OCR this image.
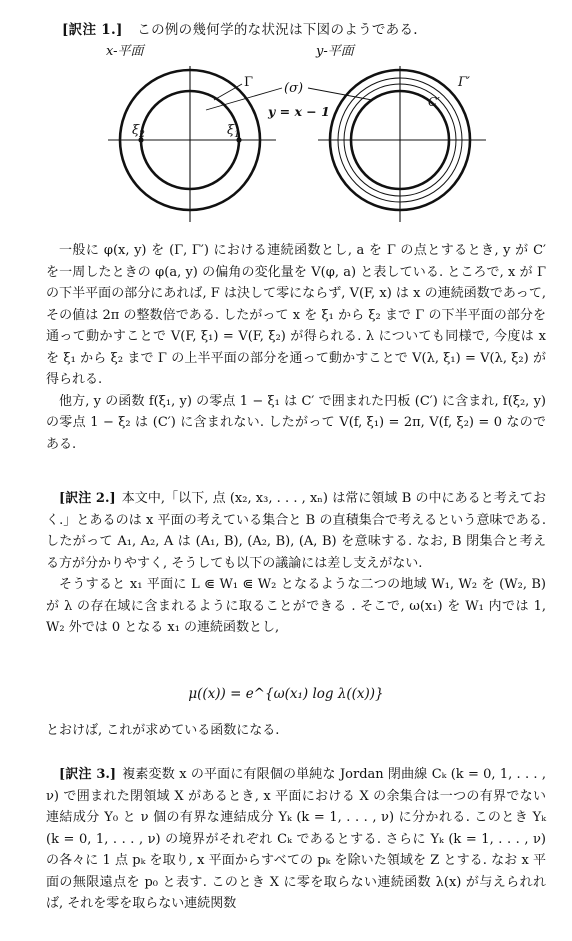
[訳注 1.] この例の幾何学的な状況は下図のようである.
x-平面
$\xi_2$	$\xi_1$
Γ (σ)
y = x − 1
y-平面
Γ′
C′

一般に φ(x, y) を (Γ, Γ′) における連続函数とし, a を Γ の点とするとき, y が C′ を一周したときの φ(a, y) の偏角の変化量を V(φ, a) と表している. ところで, x が Γ の下半平面の部分にあれば, F は決して零にならず, V(F, x) は x の連続函数であって, その値は 2π の整数倍である. したがって x を ξ₁ から ξ₂ まで Γ の下半平面の部分を通って動かすことで V(F, ξ₁) = V(F, ξ₂) が得られる. λ についても同様で, 今度は x を ξ₁ から ξ₂ まで Γ の上半平面の部分を通って動かすことで V(λ, ξ₁) = V(λ, ξ₂) が得られる.

他方, y の函数 f(ξ₁, y) の零点 1 − ξ₁ は C′ で囲まれた円板 (C′) に含まれ, f(ξ₂, y) の零点 1 − ξ₂ は (C′) に含まれない. したがって V(f, ξ₁) = 2π, V(f, ξ₂) = 0 なのである.

[訳注 2.] 本文中,「以下, 点 (x₂, x₃, . . . , xₙ) は常に領域 B の中にあると考えておく.」とあるのは x 平面の考えている集合と B の直積集合で考えるという意味である. したがって A₁, A₂, A は (A₁, B), (A₂, B), (A, B) を意味する. なお, B 閉集合と考える方が分かりやすく, そうしても以下の議論には差し支えがない.

そうすると x₁ 平面に L ⋐ W₁ ⋐ W₂ となるような二つの地域 W₁, W₂ を (W₂, B) が λ の存在域に含まれるように取ることができる . そこで, ω(x₁) を W₁ 内では 1, W₂ 外では 0 となる x₁ の連続函数とし,

μ((x)) = e^{ω(x₁) log λ((x))}

とおけば, これが求めている函数になる.

[訳注 3.] 複素変数 x の平面に有限個の単純な Jordan 閉曲線 Cₖ (k = 0, 1, . . . , ν) で囲まれた閉領域 X があるとき, x 平面における X の余集合は一つの有界でない連結成分 Y₀ と ν 個の有界な連結成分 Yₖ (k = 1, . . . , ν) に分かれる. このとき Yₖ (k = 0, 1, . . . , ν) の境界がそれぞれ Cₖ であるとする. さらに Yₖ (k = 1, . . . , ν) の各々に 1 点 pₖ を取り, x 平面からすべての pₖ を除いた領域を Z とする. なお x 平面の無限遠点を p₀ と表す. このとき X に零を取らない連続函数 λ(x) が与えられれば, それを零を取らない連続関数
